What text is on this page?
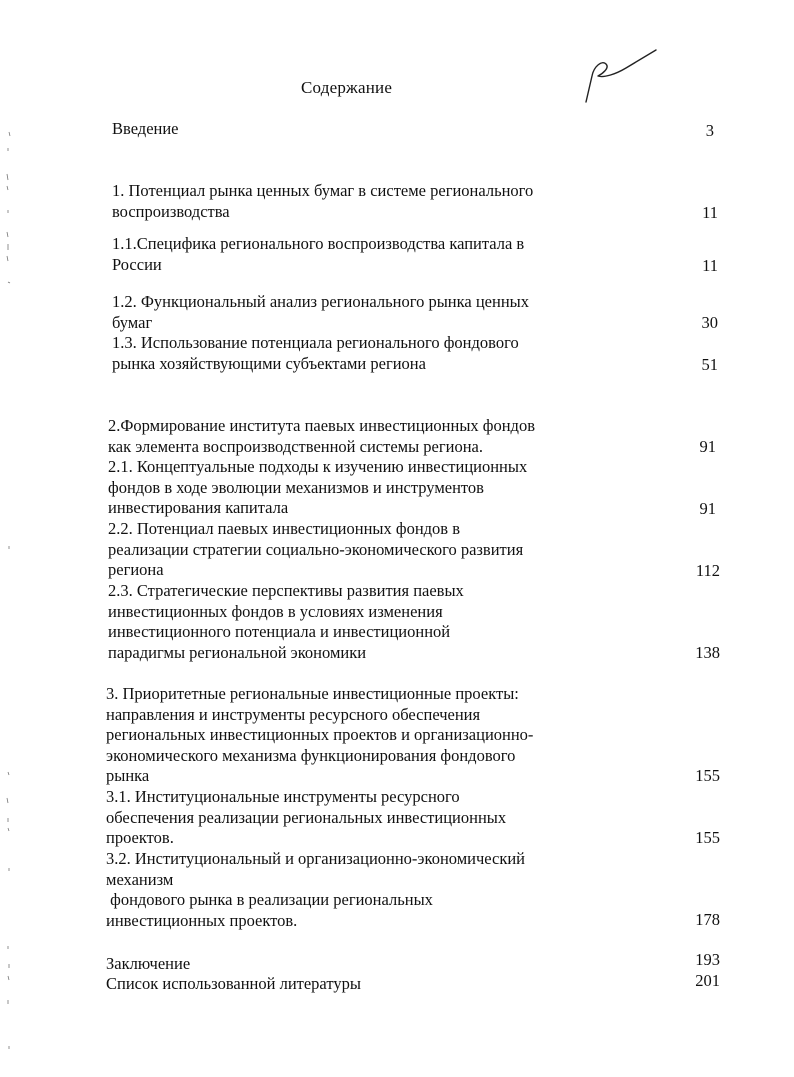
Содержание
Введение	3
1. Потенциал рынка ценных бумаг в системе регионального
воспроизводства	11
1.1.Специфика регионального воспроизводства капитала в
России	11
1.2. Функциональный анализ регионального рынка ценных
бумаг	30
1.3. Использование потенциала регионального фондового
рынка хозяйствующими субъектами региона	51
2.Формирование института паевых инвестиционных фондов
как элемента воспроизводственной системы региона.	91
2.1. Концептуальные подходы к изучению инвестиционных
фондов в ходе эволюции механизмов и инструментов
инвестирования капитала	91
2.2. Потенциал паевых инвестиционных фондов в
реализации стратегии социально-экономического развития
региона	112
2.3. Стратегические перспективы развития паевых
инвестиционных фондов в условиях изменения
инвестиционного потенциала и инвестиционной
парадигмы региональной экономики	138
3. Приоритетные региональные инвестиционные проекты:
направления и инструменты ресурсного обеспечения
региональных инвестиционных проектов и организационно-
экономического механизма функционирования фондового
рынка	155
3.1. Институциональные инструменты ресурсного
обеспечения реализации региональных инвестиционных
проектов.	155
3.2. Институциональный и организационно-экономический
механизм
фондового рынка в реализации региональных
инвестиционных проектов.	178
Заключение	193
Список использованной литературы	201
